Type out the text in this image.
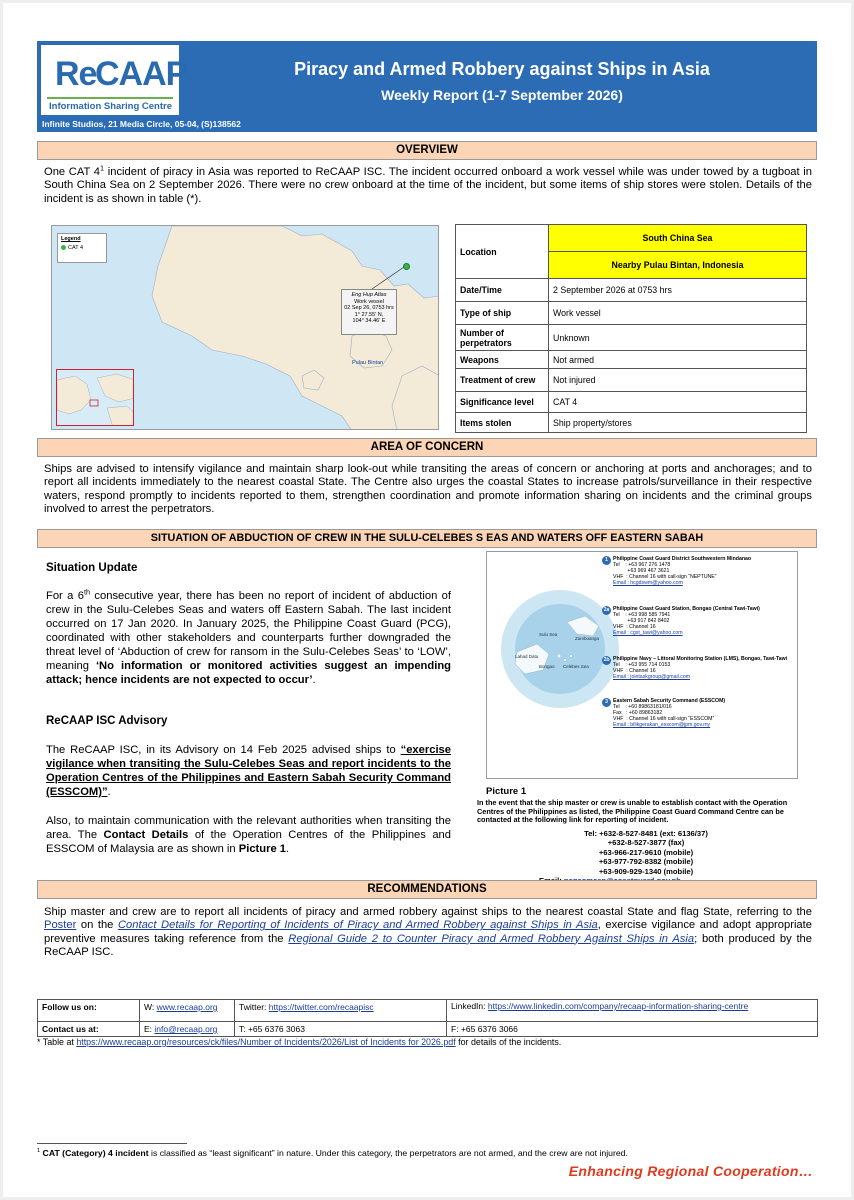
Re
CAAP
Information Sharing Centre
Piracy and Armed Robbery against Ships in Asia
Weekly Report (1-7 September 2026)
Infinite Studios, 21 Media Circle, 05-04, (S)138562
OVERVIEW
One CAT $4^1$ incident of piracy in Asia was reported to ReCAAP ISC. The incident occurred onboard a work vessel while was under towed by a tugboat in South China Sea on 2 September 2026. There were no crew onboard at the time of the incident, but some items of ship stores were stolen. Details of the incident is as shown in table (*).
Legend
CAT 4
Eng Hup Atlas
Work vessel
02 Sep 26, 0753 hrs
1° 27.55' N,
104° 34.46' E
Pulau Bintan
Location	South China Sea
	Nearby Pulau Bintan, Indonesia
Date/Time	2 September 2026 at 0753 hrs
Type of ship	Work vessel
Number of perpetrators	Unknown
Weapons	Not armed
Treatment of crew	Not injured
Significance level	CAT 4
Items stolen	Ship property/stores
AREA OF CONCERN
Ships are advised to intensify vigilance and maintain sharp look-out while transiting the areas of concern or anchoring at ports and anchorages; and to report all incidents immediately to the nearest coastal State. The Centre also urges the coastal States to increase patrols/surveillance in their respective waters, respond promptly to incidents reported to them, strengthen coordination and promote information sharing on incidents and the criminal groups involved to arrest the perpetrators.
SITUATION OF ABDUCTION OF CREW IN THE SULU-CELEBES S EAS AND WATERS OFF EASTERN SABAH
Situation Update
For a 6th consecutive year, there has been no report of incident of abduction of crew in the Sulu-Celebes Seas and waters off Eastern Sabah. The last incident occurred on 17 Jan 2020. In January 2025, the Philippine Coast Guard (PCG), coordinated with other stakeholders and counterparts further downgraded the threat level of ‘Abduction of crew for ransom in the Sulu-Celebes Seas’ to ‘LOW’, meaning ‘No information or monitored activities suggest an impending attack; hence incidents are not expected to occur’.
ReCAAP ISC Advisory
The ReCAAP ISC, in its Advisory on 14 Feb 2025 advised ships to “exercise vigilance when transiting the Sulu-Celebes Seas and report incidents to the Operation Centres of the Philippines and Eastern Sabah Security Command (ESSCOM)”.
Also, to maintain communication with the relevant authorities when transiting the area. The Contact Details of the Operation Centres of the Philippines and ESSCOM of Malaysia are as shown in Picture 1.
Sulu Sea
Zamboanga
Lahad Datu
Bongao Celebes Sea
1 Philippine Coast Guard District Southwestern Mindanao
Tel    : +63 967 276 1478
+63 969 467 3621
VHF  : Channel 16 with call-sign “NEPTUNE”
Email : hcgdswm@yahoo.com
2a Philippine Coast Guard Station, Bongao (Central Tawi-Tawi)
Tel    : +63 998 585 7941
+63 917 842 8402
VHF  : Channel 16
Email : cgst_tawi@yahoo.com
2b Philippine Navy – Littoral Monitoring Station (LMS), Bongao, Tawi-Tawi
Tel    : +63 955 714 0153
VHF  : Channel 16
Email : jointaskgroup@gmail.com
3 Eastern Sabah Security Command (ESSCOM)
Tel    : +60 89863181/016
Fax   : +60 89863182
VHF  : Channel 16 with call-sign “ESSCOM”
Email : bilikgerakan_esscom@jpm.gov.my
Picture 1
In the event that the ship master or crew is unable to establish contact with the Operation Centres of the Philippines as listed, the Philippine Coast Guard Command Centre can be contacted at the following link for reporting of incident.
Tel: +632-8-527-8481 (ext: 6136/37)
+632-8-527-3877 (fax)
+63-966-217-9610 (mobile)
+63-977-792-8382 (mobile)
+63-909-929-1340 (mobile)
RECOMMENDATIONS
Ship master and crew are to report all incidents of piracy and armed robbery against ships to the nearest coastal State and flag State, referring to the Poster on the Contact Details for Reporting of Incidents of Piracy and Armed Robbery against Ships in Asia, exercise vigilance and adopt appropriate preventive measures taking reference from the Regional Guide 2 to Counter Piracy and Armed Robbery Against Ships in Asia; both produced by the ReCAAP ISC.
Follow us on:	W: www.recaap.org	Twitter: https://twitter.com/recaapisc	LinkedIn: https://www.linkedin.com/company/recaap-information-sharing-centre
Contact us at:	E: info@recaap.org	T: +65 6376 3063	F: +65 6376 3066
* Table at https://www.recaap.org/resources/ck/files/Number of Incidents/2026/List of Incidents for 2026.pdf for details of the incidents.
$^1$ CAT (Category) 4 incident is classified as “least significant” in nature. Under this category, the perpetrators are not armed, and the crew are not injured.
Enhancing Regional Cooperation…
